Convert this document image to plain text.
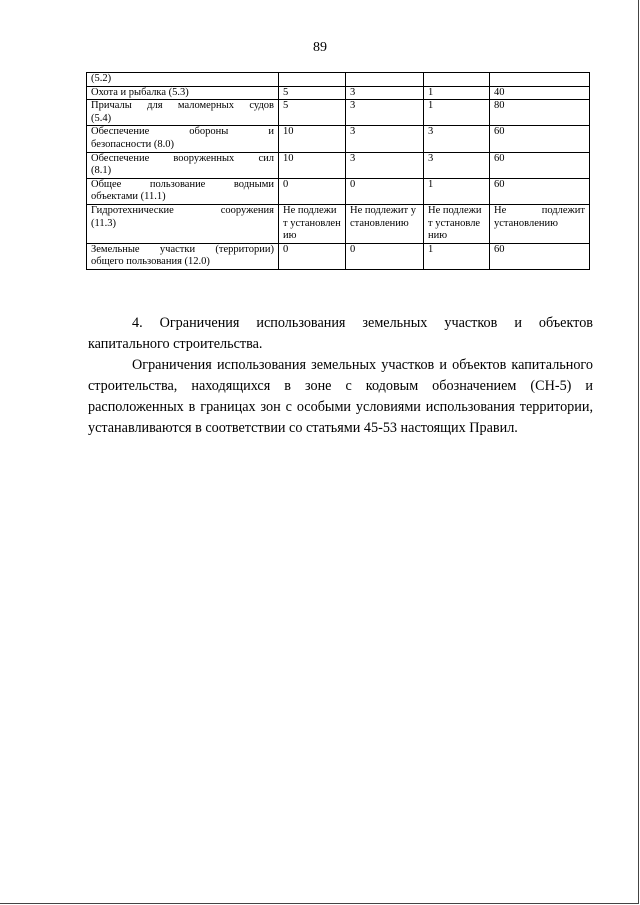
89
(5.2)				
Охота и рыбалка (5.3)	5	3	1	40

Причалы для маломерных судов
(5.4)	5	3	1	80

Обеспечение обороны и
безопасности (8.0)	10	3	3	60

Обеспечение вооруженных сил
(8.1)	10	3	3	60

Общее пользование водными
объектами (11.1)	0	0	1	60

Гидротехнические сооружения
(11.3)	Не подлежит установлению	Не подлежит установлению	Не подлежит установлению	Не подлежит установлению

Земельные участки (территории)
общего пользования (12.0)	0	0	1	60

4. Ограничения использования земельных участков и объектов капитального строительства.

Ограничения использования земельных участков и объектов капитального строительства, находящихся в зоне с кодовым обозначением (СН-5) и расположенных в границах зон с особыми условиями использования территории, устанавливаются в соответствии со статьями 45-53 настоящих Правил.
